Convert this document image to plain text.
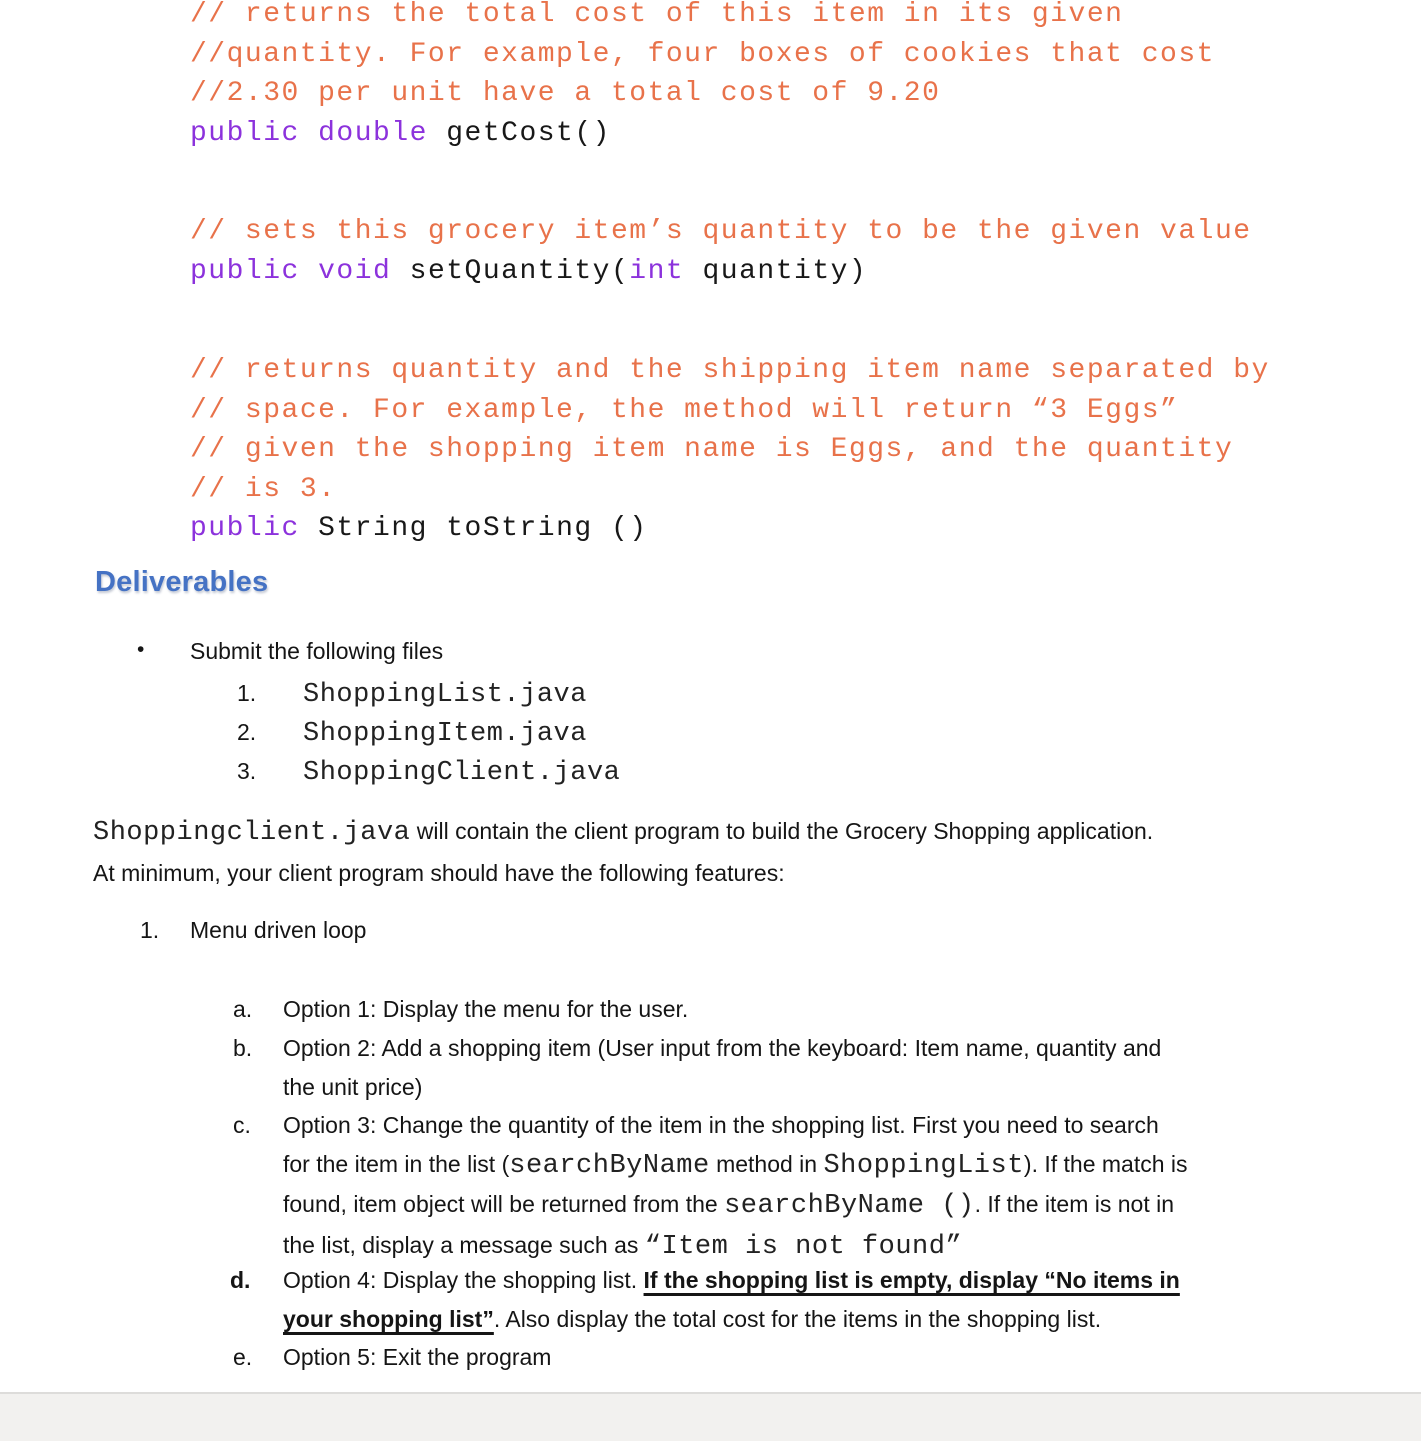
// returns the total cost of this item in its given
//quantity. For example, four boxes of cookies that cost
//2.30 per unit have a total cost of 9.20
public double getCost()
// sets this grocery item’s quantity to be the given value
public void setQuantity(int quantity)
// returns quantity and the shipping item name separated by
// space. For example, the method will return “3 Eggs”
// given the shopping item name is Eggs, and the quantity
// is 3.
public String toString ()
Deliverables
• Submit the following files
1. ShoppingList.java
2. ShoppingItem.java
3. ShoppingClient.java
Shoppingclient.java will contain the client program to build the Grocery Shopping application.
At minimum, your client program should have the following features:
1. Menu driven loop
a. Option 1: Display the menu for the user.
b. Option 2: Add a shopping item (User input from the keyboard: Item name, quantity and
the unit price)
c. Option 3: Change the quantity of the item in the shopping list. First you need to search
for the item in the list (searchByName method in ShoppingList). If the match is
found, item object will be returned from the searchByName (). If the item is not in
the list, display a message such as “Item is not found”
d. Option 4: Display the shopping list. If the shopping list is empty, display “No items in
your shopping list”. Also display the total cost for the items in the shopping list.
e. Option 5: Exit the program
